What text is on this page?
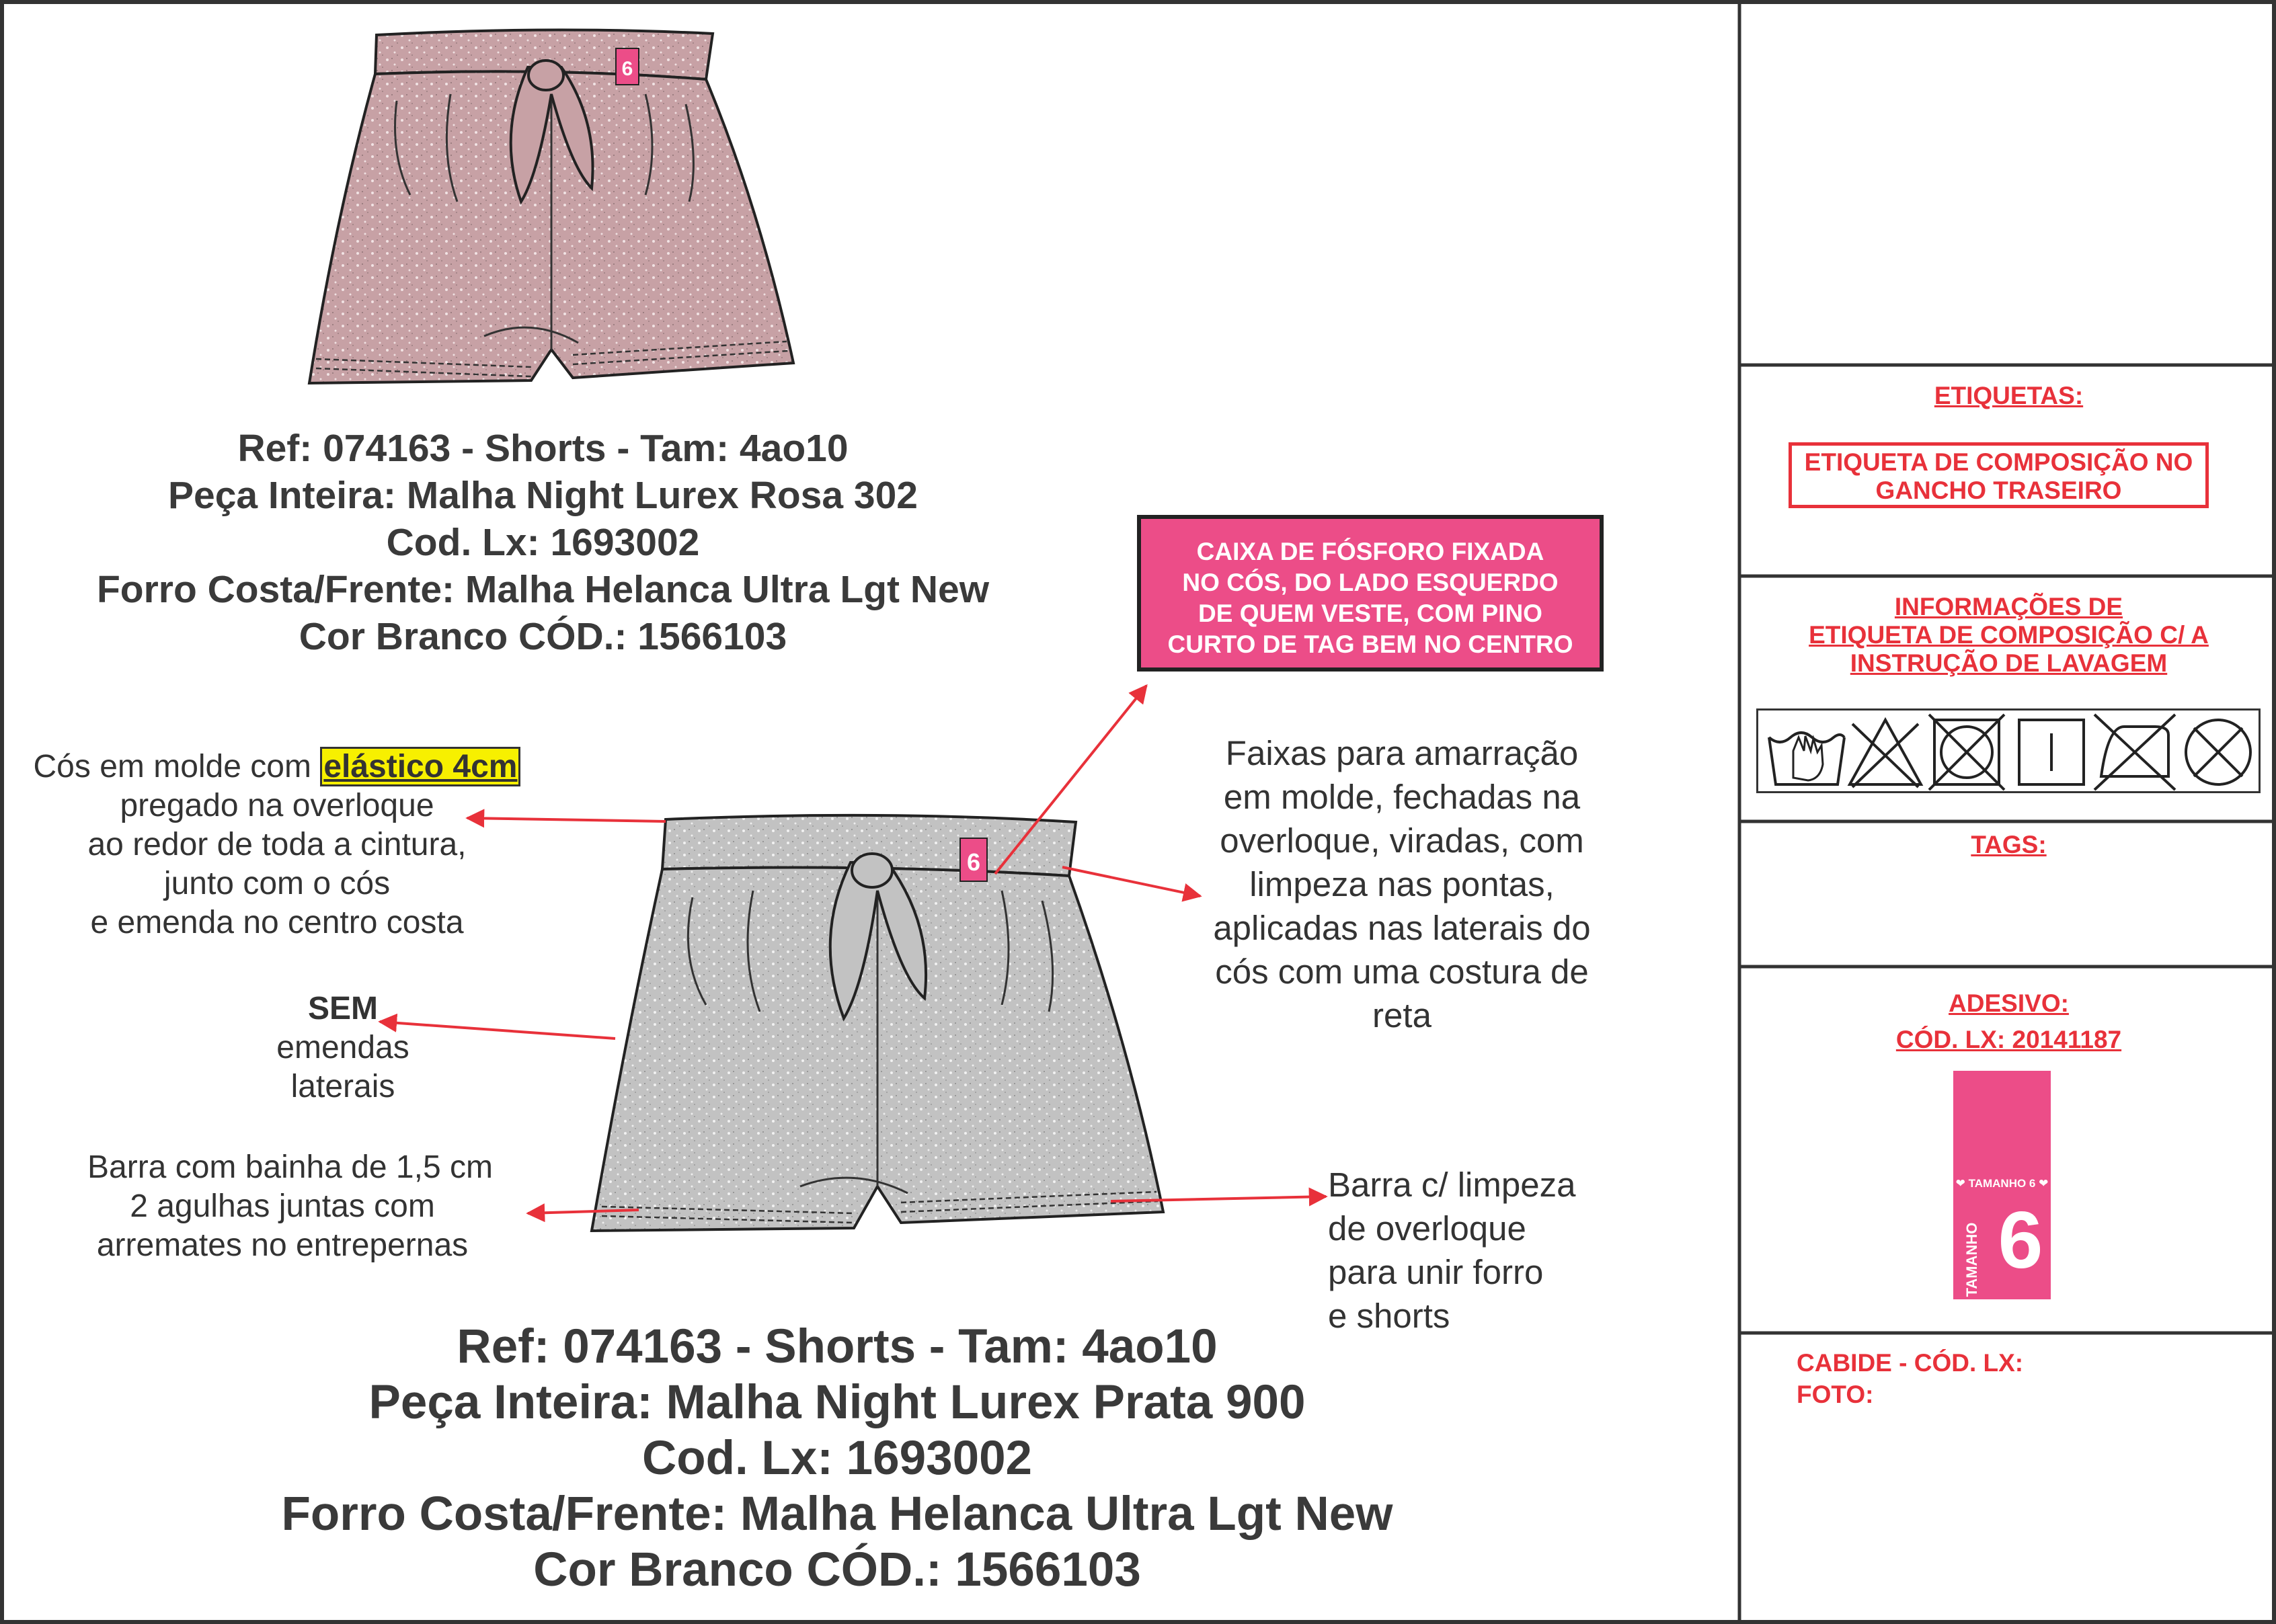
6
Ref: 074163 - Shorts - Tam: 4ao10
Peça Inteira: Malha Night Lurex Rosa 302
Cod. Lx: 1693002
Forro Costa/Frente: Malha Helanca Ultra Lgt New
Cor Branco CÓD.: 1566103
CAIXA DE FÓSFORO FIXADA
NO CÓS, DO LADO ESQUERDO
DE QUEM VESTE, COM PINO
CURTO DE TAG BEM NO CENTRO
6
Cós em molde com elástico 4cm
pregado na overloque
ao redor de toda a cintura,
junto com o cós
e emenda no centro costa
SEM
emendas
laterais
Barra com bainha de 1,5 cm
2 agulhas juntas com
arremates no entrepernas
Faixas para amarração
em molde, fechadas na
overloque, viradas, com
limpeza nas pontas,
aplicadas nas laterais do
cós com uma costura de
reta
Barra c/ limpeza
de overloque
para unir forro
e shorts
Ref: 074163 - Shorts - Tam: 4ao10
Peça Inteira: Malha Night Lurex Prata 900
Cod. Lx: 1693002
Forro Costa/Frente: Malha Helanca Ultra Lgt New
Cor Branco CÓD.: 1566103
ETIQUETAS:
ETIQUETA DE COMPOSIÇÃO NO
GANCHO TRASEIRO
INFORMAÇÕES DE
ETIQUETA DE COMPOSIÇÃO C/ A
INSTRUÇÃO DE LAVAGEM
TAGS:
ADESIVO:
CÓD. LX: 20141187
❤ TAMANHO 6 ❤
TAMANHO 6
CABIDE - CÓD. LX:
FOTO:
